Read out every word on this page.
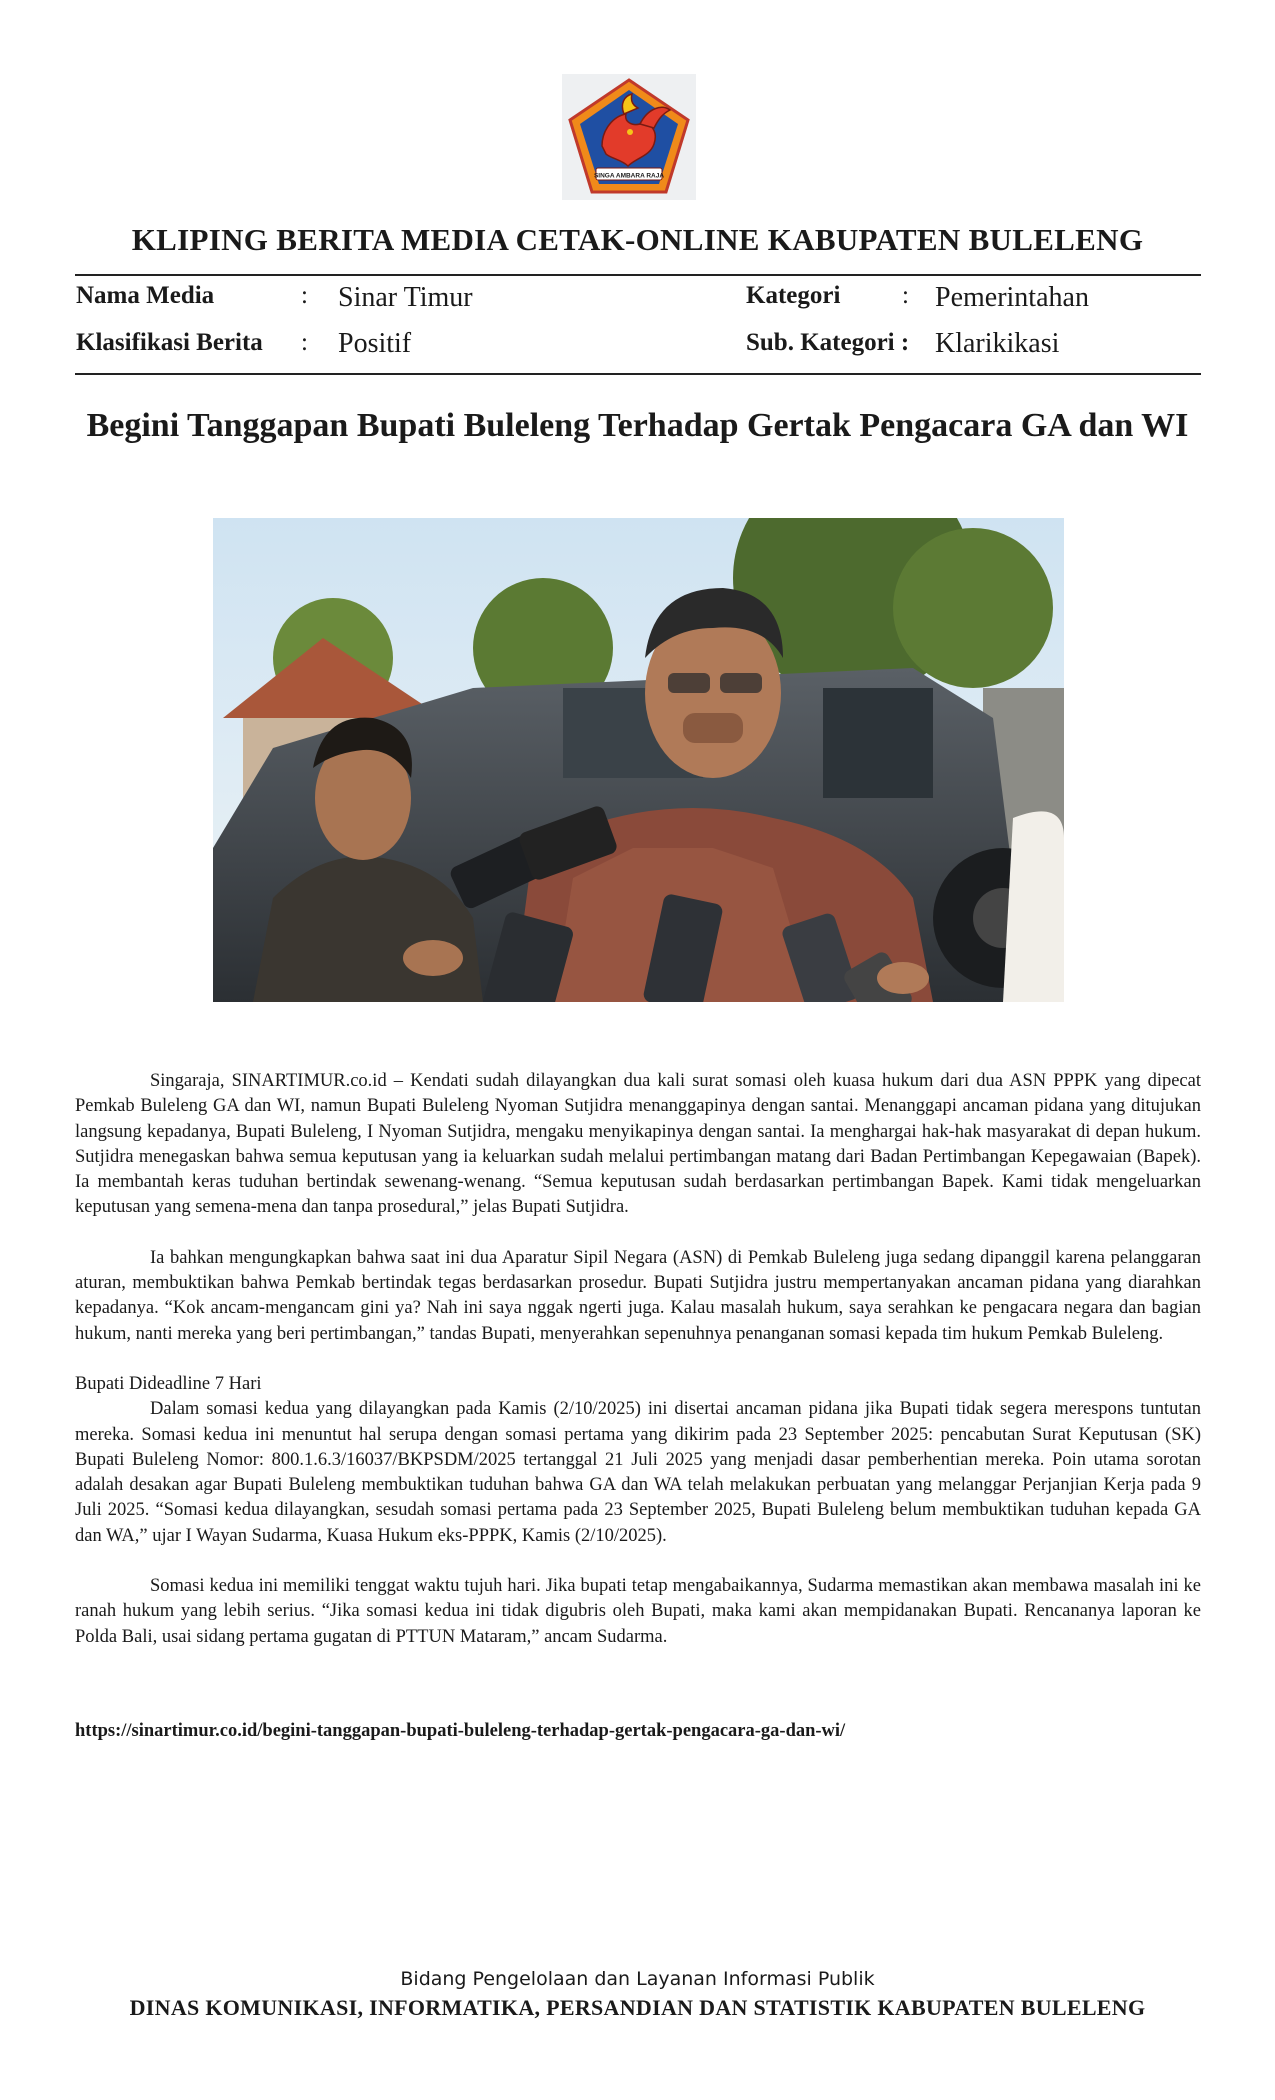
SINGA AMBARA RAJA
KLIPING BERITA MEDIA CETAK-ONLINE KABUPATEN BULELENG
Nama Media	: Sinar Timur	Kategori : Pemerintahan
Klasifikasi Berita : Positif	Sub. Kategori : Klarikikasi
Begini Tanggapan Bupati Buleleng Terhadap Gertak Pengacara GA dan WI

Singaraja, SINARTIMUR.co.id – Kendati sudah dilayangkan dua kali surat somasi oleh kuasa hukum dari dua ASN PPPK yang dipecat Pemkab Buleleng GA dan WI, namun Bupati Buleleng Nyoman Sutjidra menanggapinya dengan santai. Menanggapi ancaman pidana yang ditujukan langsung kepadanya, Bupati Buleleng, I Nyoman Sutjidra, mengaku menyikapinya dengan santai. Ia menghargai hak-hak masyarakat di depan hukum. Sutjidra menegaskan bahwa semua keputusan yang ia keluarkan sudah melalui pertimbangan matang dari Badan Pertimbangan Kepegawaian (Bapek). Ia membantah keras tuduhan bertindak sewenang-wenang. “Semua keputusan sudah berdasarkan pertimbangan Bapek. Kami tidak mengeluarkan keputusan yang semena-mena dan tanpa prosedural,” jelas Bupati Sutjidra.

Ia bahkan mengungkapkan bahwa saat ini dua Aparatur Sipil Negara (ASN) di Pemkab Buleleng juga sedang dipanggil karena pelanggaran aturan, membuktikan bahwa Pemkab bertindak tegas berdasarkan prosedur. Bupati Sutjidra justru mempertanyakan ancaman pidana yang diarahkan kepadanya. “Kok ancam-mengancam gini ya? Nah ini saya nggak ngerti juga. Kalau masalah hukum, saya serahkan ke pengacara negara dan bagian hukum, nanti mereka yang beri pertimbangan,” tandas Bupati, menyerahkan sepenuhnya penanganan somasi kepada tim hukum Pemkab Buleleng.

Bupati Dideadline 7 Hari

Dalam somasi kedua yang dilayangkan pada Kamis (2/10/2025) ini disertai ancaman pidana jika Bupati tidak segera merespons tuntutan mereka. Somasi kedua ini menuntut hal serupa dengan somasi pertama yang dikirim pada 23 September 2025: pencabutan Surat Keputusan (SK) Bupati Buleleng Nomor: 800.1.6.3/16037/BKPSDM/2025 tertanggal 21 Juli 2025 yang menjadi dasar pemberhentian mereka. Poin utama sorotan adalah desakan agar Bupati Buleleng membuktikan tuduhan bahwa GA dan WA telah melakukan perbuatan yang melanggar Perjanjian Kerja pada 9 Juli 2025. “Somasi kedua dilayangkan, sesudah somasi pertama pada 23 September 2025, Bupati Buleleng belum membuktikan tuduhan kepada GA dan WA,” ujar I Wayan Sudarma, Kuasa Hukum eks-PPPK, Kamis (2/10/2025).

Somasi kedua ini memiliki tenggat waktu tujuh hari. Jika bupati tetap mengabaikannya, Sudarma memastikan akan membawa masalah ini ke ranah hukum yang lebih serius. “Jika somasi kedua ini tidak digubris oleh Bupati, maka kami akan mempidanakan Bupati. Rencananya laporan ke Polda Bali, usai sidang pertama gugatan di PTTUN Mataram,” ancam Sudarma.

https://sinartimur.co.id/begini-tanggapan-bupati-buleleng-terhadap-gertak-pengacara-ga-dan-wi/
Bidang Pengelolaan dan Layanan Informasi Publik
DINAS KOMUNIKASI, INFORMATIKA, PERSANDIAN DAN STATISTIK KABUPATEN BULELENG
